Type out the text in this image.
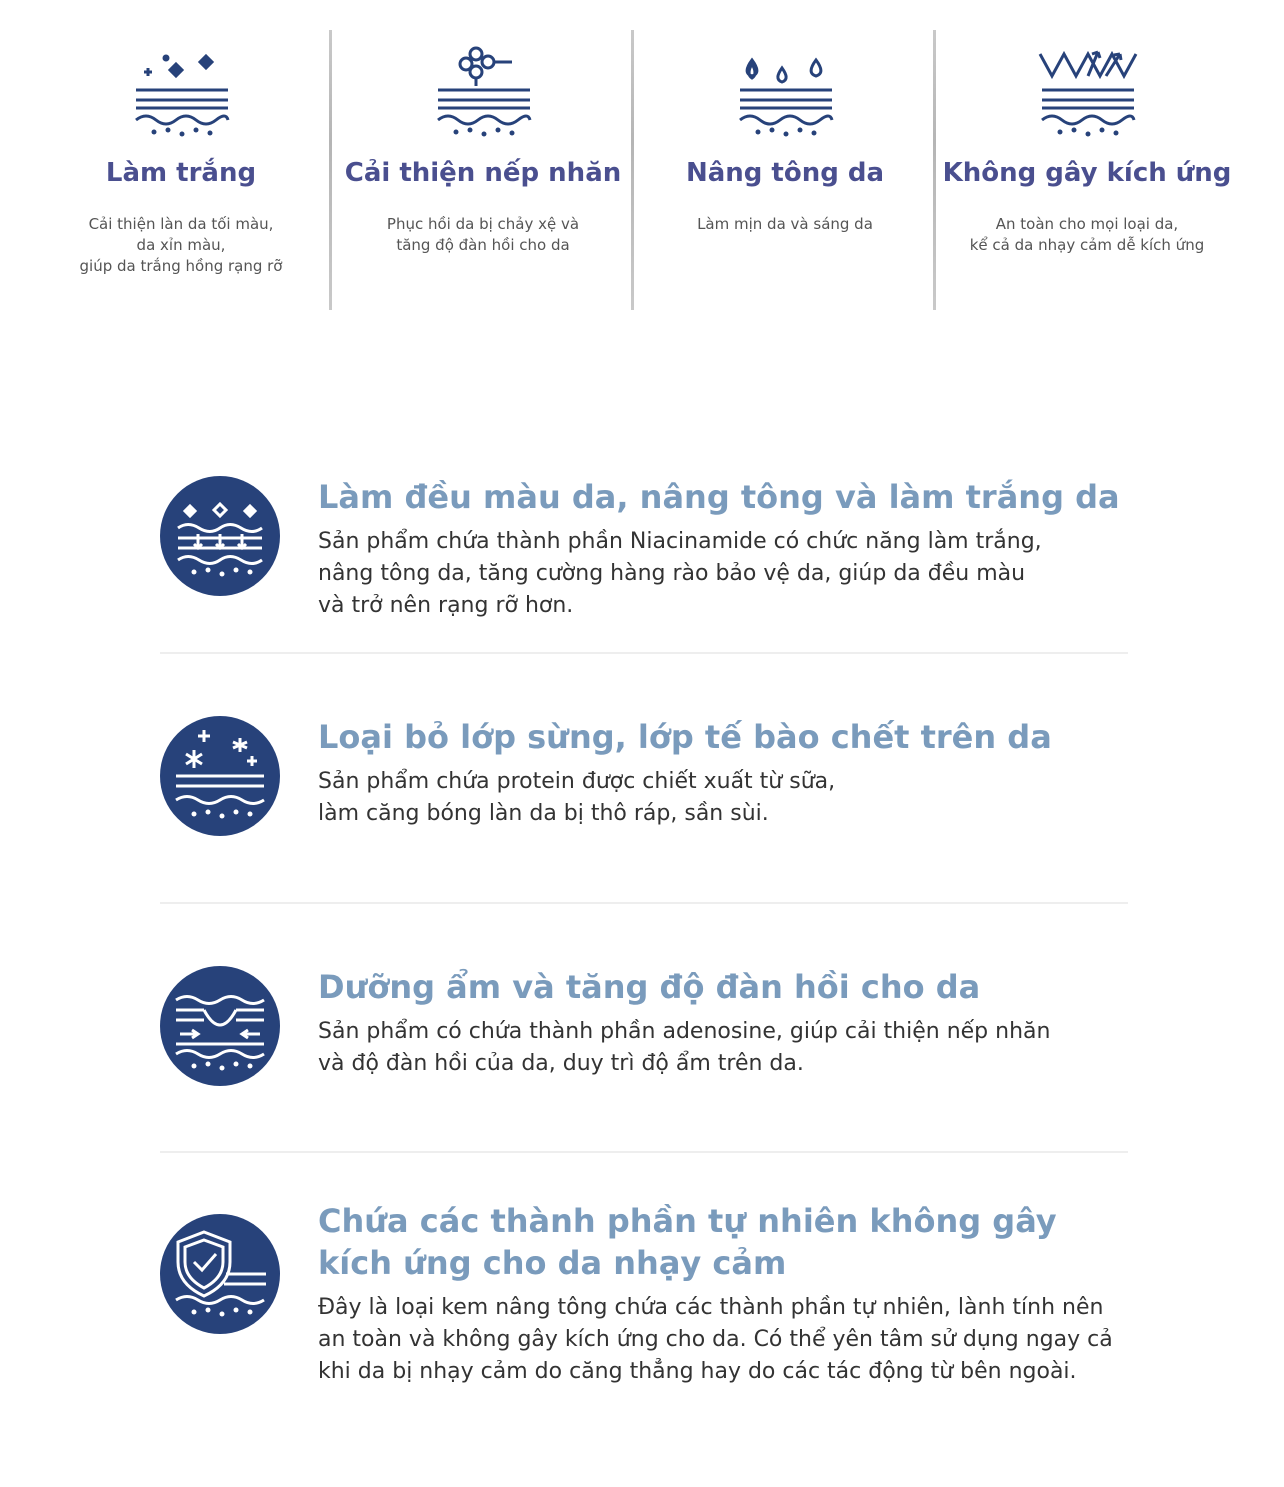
Làm trắng
Cải thiện làn da tối màu,
da xỉn màu,
giúp da trắng hồng rạng rỡ
Cải thiện nếp nhăn
Phục hồi da bị chảy xệ và
tăng độ đàn hồi cho da
Nâng tông da
Làm mịn da và sáng da
Không gây kích ứng
An toàn cho mọi loại da,
kể cả da nhạy cảm dễ kích ứng
Làm đều màu da, nâng tông và làm trắng da
Sản phẩm chứa thành phần Niacinamide có chức năng làm trắng,
nâng tông da, tăng cường hàng rào bảo vệ da, giúp da đều màu
và trở nên rạng rỡ hơn.
Loại bỏ lớp sừng, lớp tế bào chết trên da
Sản phẩm chứa protein được chiết xuất từ sữa,
làm căng bóng làn da bị thô ráp, sần sùi.
Dưỡng ẩm và tăng độ đàn hồi cho da
Sản phẩm có chứa thành phần adenosine, giúp cải thiện nếp nhăn
và độ đàn hồi của da, duy trì độ ẩm trên da.
Chứa các thành phần tự nhiên không gây
kích ứng cho da nhạy cảm
Đây là loại kem nâng tông chứa các thành phần tự nhiên, lành tính nên
an toàn và không gây kích ứng cho da. Có thể yên tâm sử dụng ngay cả
khi da bị nhạy cảm do căng thẳng hay do các tác động từ bên ngoài.
